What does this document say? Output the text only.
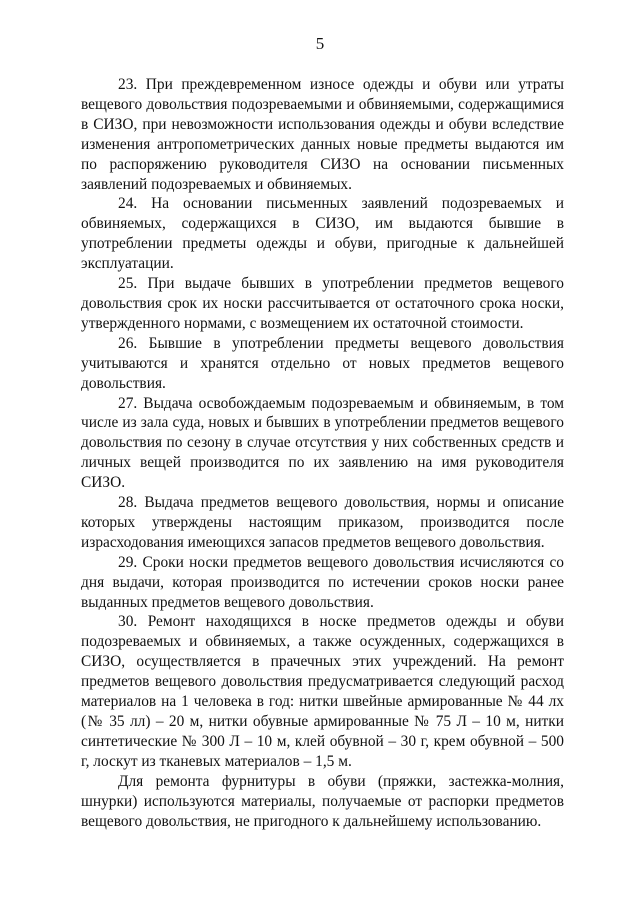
5

23. При преждевременном износе одежды и обуви или утраты вещевого довольствия подозреваемыми и обвиняемыми, содержащимися в СИЗО, при невозможности использования одежды и обуви вследствие изменения антропометрических данных новые предметы выдаются им по распоряжению руководителя СИЗО на основании письменных заявлений подозреваемых и обвиняемых.

24. На основании письменных заявлений подозреваемых и обвиняемых, содержащихся в СИЗО, им выдаются бывшие в употреблении предметы одежды и обуви, пригодные к дальнейшей эксплуатации.

25. При выдаче бывших в употреблении предметов вещевого довольствия срок их носки рассчитывается от остаточного срока носки, утвержденного нормами, с возмещением их остаточной стоимости.

26. Бывшие в употреблении предметы вещевого довольствия учитываются и хранятся отдельно от новых предметов вещевого довольствия.

27. Выдача освобождаемым подозреваемым и обвиняемым, в том числе из зала суда, новых и бывших в употреблении предметов вещевого довольствия по сезону в случае отсутствия у них собственных средств и личных вещей производится по их заявлению на имя руководителя СИЗО.

28. Выдача предметов вещевого довольствия, нормы и описание которых утверждены настоящим приказом, производится после израсходования имеющихся запасов предметов вещевого довольствия.

29. Сроки носки предметов вещевого довольствия исчисляются со дня выдачи, которая производится по истечении сроков носки ранее выданных предметов вещевого довольствия.

30. Ремонт находящихся в носке предметов одежды и обуви подозреваемых и обвиняемых, а также осужденных, содержащихся в СИЗО, осуществляется в прачечных этих учреждений. На ремонт предметов вещевого довольствия предусматривается следующий расход материалов на 1 человека в год: нитки швейные армированные № 44 лх (№ 35 лл) – 20 м, нитки обувные армированные № 75 Л – 10 м, нитки синтетические № 300 Л – 10 м, клей обувной – 30 г, крем обувной – 500 г, лоскут из тканевых материалов – 1,5 м.

Для ремонта фурнитуры в обуви (пряжки, застежка-молния, шнурки) используются материалы, получаемые от распорки предметов вещевого довольствия, не пригодного к дальнейшему использованию.
